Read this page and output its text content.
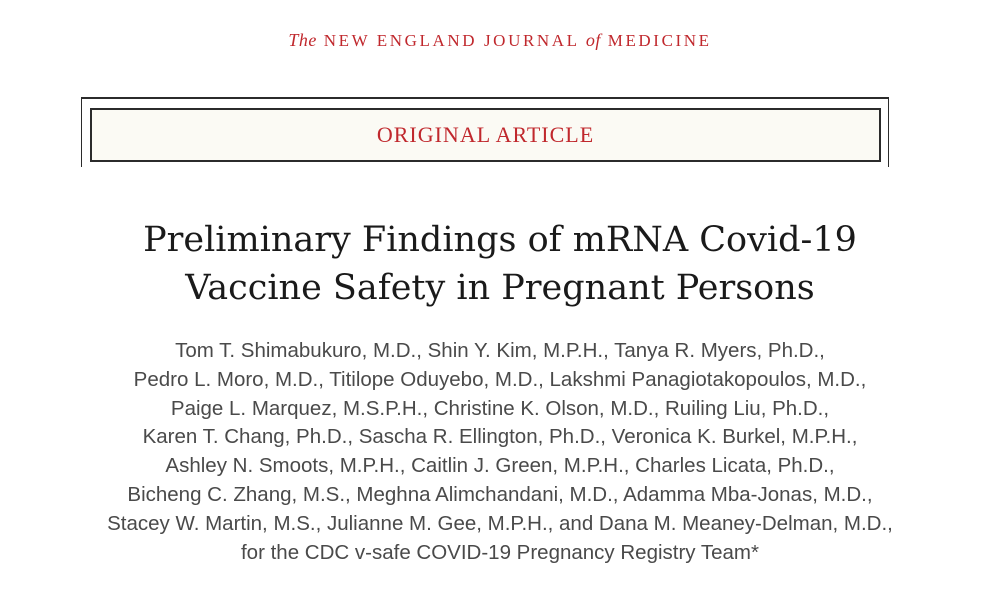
The NEW ENGLAND JOURNAL of MEDICINE
ORIGINAL ARTICLE
Preliminary Findings of mRNA Covid-19
Vaccine Safety in Pregnant Persons
Tom T. Shimabukuro, M.D., Shin Y. Kim, M.P.H., Tanya R. Myers, Ph.D.,
Pedro L. Moro, M.D., Titilope Oduyebo, M.D., Lakshmi Panagiotakopoulos, M.D.,
Paige L. Marquez, M.S.P.H., Christine K. Olson, M.D., Ruiling Liu, Ph.D.,
Karen T. Chang, Ph.D., Sascha R. Ellington, Ph.D., Veronica K. Burkel, M.P.H.,
Ashley N. Smoots, M.P.H., Caitlin J. Green, M.P.H., Charles Licata, Ph.D.,
Bicheng C. Zhang, M.S., Meghna Alimchandani, M.D., Adamma Mba-Jonas, M.D.,
Stacey W. Martin, M.S., Julianne M. Gee, M.P.H., and Dana M. Meaney-Delman, M.D.,
for the CDC v-safe COVID-19 Pregnancy Registry Team*
